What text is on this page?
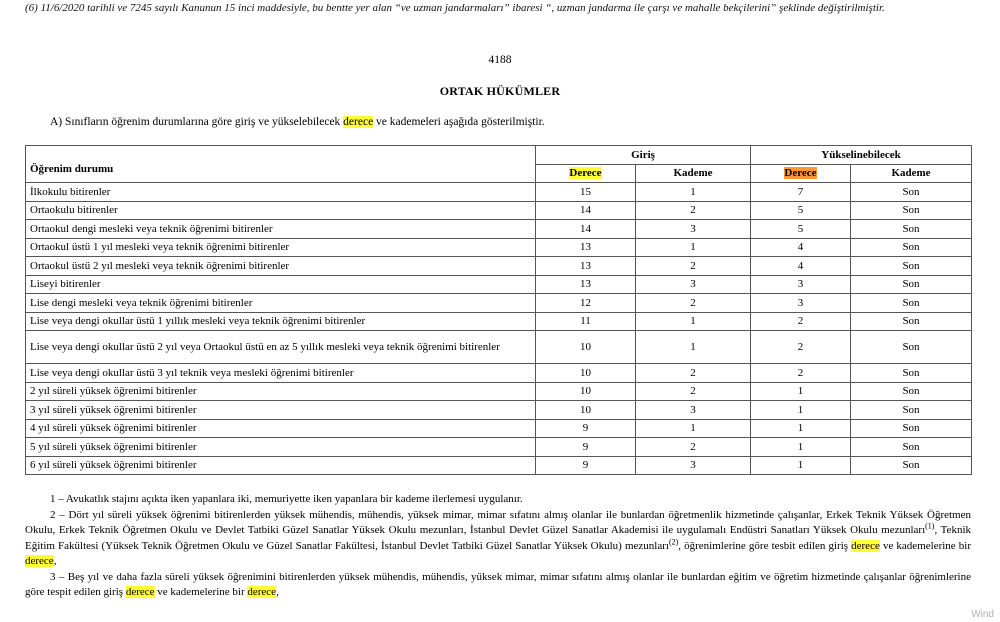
(6) 11/6/2020 tarihli ve 7245 sayılı Kanunun 15 inci maddesiyle, bu bentte yer alan “ve uzman jandarmaları” ibaresi “, uzman jandarma ile çarşı ve mahalle bekçilerini” şeklinde değiştirilmiştir.
4188
ORTAK HÜKÜMLER
A) Sınıfların öğrenim durumlarına göre giriş ve yükselebilecek derece ve kademeleri aşağıda gösterilmiştir.
Öğrenim durumu	Giriş		Yükselinebilecek	
	Derece	Kademe	Derece	Kademe
İlkokulu bitirenler	15	1	7	Son
Ortaokulu bitirenler	14	2	5	Son
Ortaokul dengi mesleki veya teknik öğrenimi bitirenler	14	3	5	Son
Ortaokul üstü 1 yıl mesleki veya teknik öğrenimi bitirenler	13	1	4	Son
Ortaokul üstü 2 yıl mesleki veya teknik öğrenimi bitirenler	13	2	4	Son
Liseyi bitirenler	13	3	3	Son
Lise dengi mesleki veya teknik öğrenimi bitirenler	12	2	3	Son
Lise veya dengi okullar üstü 1 yıllık mesleki veya teknik öğrenimi bitirenler	11	1	2	Son
Lise veya dengi okullar üstü 2 yıl veya Ortaokul üstü en az 5 yıllık mesleki veya teknik öğrenimi bitirenler	10	1	2	Son
Lise veya dengi okullar üstü 3 yıl teknik veya mesleki öğrenimi bitirenler	10	2	2	Son
2 yıl süreli yüksek öğrenimi bitirenler	10	2	1	Son
3 yıl süreli yüksek öğrenimi bitirenler	10	3	1	Son
4 yıl süreli yüksek öğrenimi bitirenler	9	1	1	Son
5 yıl süreli yüksek öğrenimi bitirenler	9	2	1	Son
6 yıl süreli yüksek öğrenimi bitirenler	9	3	1	Son

1 – Avukatlık stajını açıkta iken yapanlara iki, memuriyette iken yapanlara bir kademe ilerlemesi uygulanır.

2 – Dört yıl süreli yüksek öğrenimi bitirenlerden yüksek mühendis, mühendis, yüksek mimar, mimar sıfatını almış olanlar ile bunlardan öğretmenlik hizmetinde çalışanlar, Erkek Teknik Yüksek Öğretmen Okulu, Erkek Teknik Öğretmen Okulu ve Devlet Tatbiki Güzel Sanatlar Yüksek Okulu mezunları, İstanbul Devlet Güzel Sanatlar Akademisi ile uygulamalı Endüstri Sanatları Yüksek Okulu mezunları$^{(1)}$, Teknik Eğitim Fakültesi (Yüksek Teknik Öğretmen Okulu ve Güzel Sanatlar Fakültesi, İstanbul Devlet Tatbiki Güzel Sanatlar Yüksek Okulu) mezunları$^{(2)}$, öğrenimlerine göre tesbit edilen giriş derece ve kademelerine bir derece,

3 – Beş yıl ve daha fazla süreli yüksek öğrenimini bitirenlerden yüksek mühendis, mühendis, yüksek mimar, mimar sıfatını almış olanlar ile bunlardan eğitim ve öğretim hizmetinde çalışanlar öğrenimlerine göre tespit edilen giriş derece ve kademelerine bir derece,

Wind
